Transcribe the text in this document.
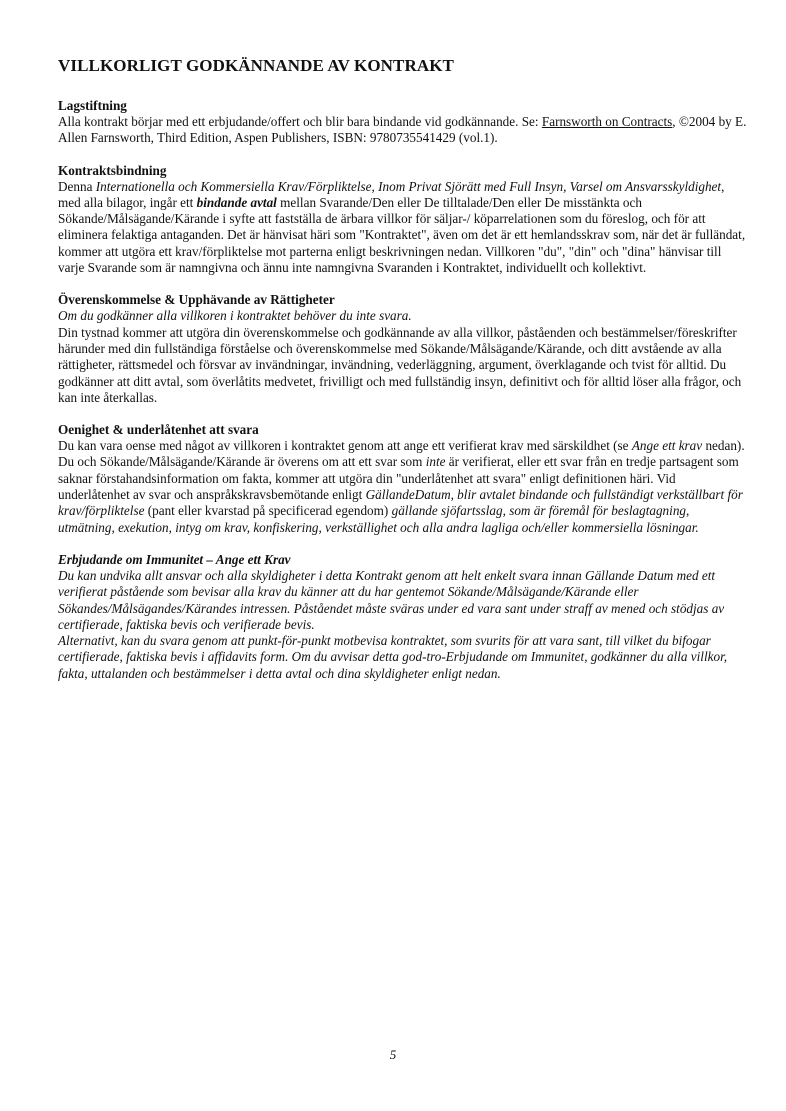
VILLKORLIGT GODKÄNNANDE AV KONTRAKT

Lagstiftning

Alla kontrakt börjar med ett erbjudande/offert och blir bara bindande vid godkännande. Se: Farnsworth on Contracts, ©2004 by E. Allen Farnsworth, Third Edition, Aspen Publishers, ISBN: 9780735541429 (vol.1).

Kontraktsbindning

Denna Internationella och Kommersiella Krav/Förpliktelse, Inom Privat Sjörätt med Full Insyn, Varsel om Ansvarsskyldighet, med alla bilagor, ingår ett bindande avtal mellan Svarande/Den eller De tilltalade/Den eller De misstänkta och Sökande/Målsägande/Kärande i syfte att fastställa de ärbara villkor för säljar-/ köparrelationen som du föreslog, och för att eliminera felaktiga antaganden. Det är hänvisat häri som "Kontraktet", även om det är ett hemlandsskrav som, när det är fulländat, kommer att utgöra ett krav/förpliktelse mot parterna enligt beskrivningen nedan. Villkoren "du", "din" och "dina" hänvisar till varje Svarande som är namngivna och ännu inte namngivna Svaranden i Kontraktet, individuellt och kollektivt.

Överenskommelse & Upphävande av Rättigheter

Om du godkänner alla villkoren i kontraktet behöver du inte svara.

Din tystnad kommer att utgöra din överenskommelse och godkännande av alla villkor, påståenden och bestämmelser/föreskrifter härunder med din fullständiga förståelse och överenskommelse med Sökande/Målsägande/Kärande, och ditt avstående av alla rättigheter, rättsmedel och försvar av invändningar, invändning, vederläggning, argument, överklagande och tvist för alltid. Du godkänner att ditt avtal, som överlåtits medvetet, frivilligt och med fullständig insyn, definitivt och för alltid löser alla frågor, och kan inte återkallas.

Oenighet & underlåtenhet att svara

Du kan vara oense med något av villkoren i kontraktet genom att ange ett verifierat krav med särskildhet (se Ange ett krav nedan). Du och Sökande/Målsägande/Kärande är överens om att ett svar som inte är verifierat, eller ett svar från en tredje partsagent som saknar förstahandsinformation om fakta, kommer att utgöra din "underlåtenhet att svara" enligt definitionen häri. Vid underlåtenhet av svar och anspråkskravsbemötande enligt GällandeDatum, blir avtalet bindande och fullständigt verkställbart för krav/förpliktelse (pant eller kvarstad på specificerad egendom) gällande sjöfartsslag, som är föremål för beslagtagning, utmätning, exekution, intyg om krav, konfiskering, verkställighet och alla andra lagliga och/eller kommersiella lösningar.

Erbjudande om Immunitet – Ange ett Krav

Du kan undvika allt ansvar och alla skyldigheter i detta Kontrakt genom att helt enkelt svara innan Gällande Datum med ett verifierat påstående som bevisar alla krav du känner att du har gentemot Sökande/Målsägande/Kärande eller Sökandes/Målsägandes/Kärandes intressen. Påståendet måste sväras under ed vara sant under straff av mened och stödjas av certifierade, faktiska bevis och verifierade bevis.

Alternativt, kan du svara genom att punkt-för-punkt motbevisa kontraktet, som svurits för att vara sant, till vilket du bifogar certifierade, faktiska bevis i affidavits form. Om du avvisar detta god-tro-Erbjudande om Immunitet, godkänner du alla villkor, fakta, uttalanden och bestämmelser i detta avtal och dina skyldigheter enligt nedan.

5
